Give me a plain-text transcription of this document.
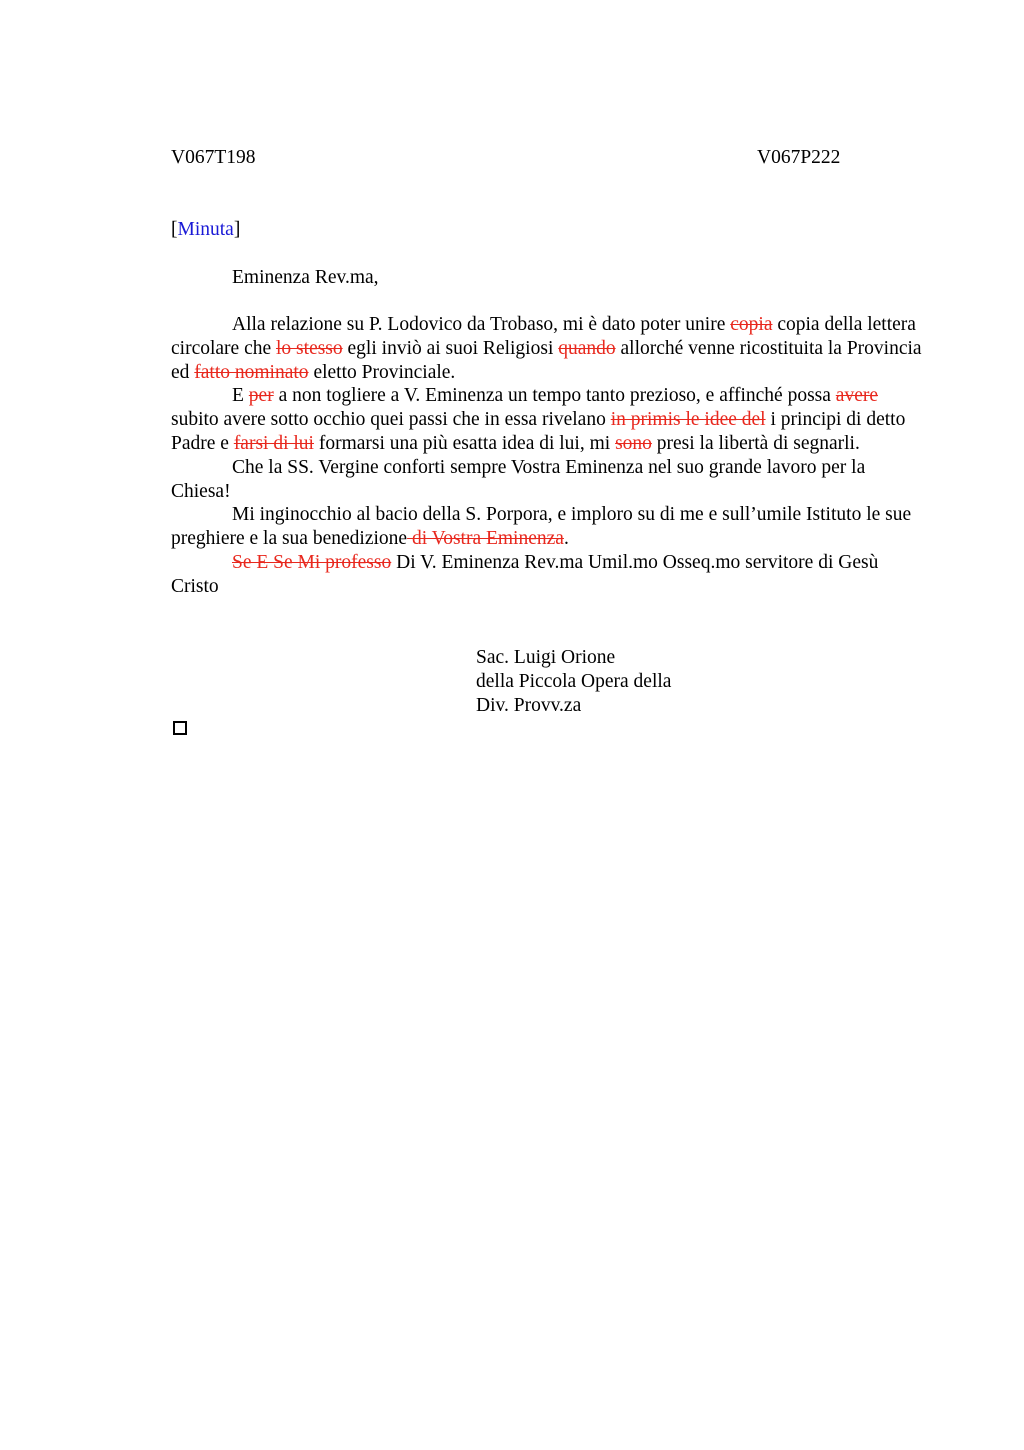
V067T198	V067P222
[Minuta]
Eminenza Rev.ma,

Alla relazione su P. Lodovico da Trobaso, mi è dato poter unire copia copia della lettera circolare che lo stesso egli inviò ai suoi Religiosi quando allorché venne ricostituita la Provincia ed fatto nominato eletto Provinciale.

E per a non togliere a V. Eminenza un tempo tanto prezioso, e affinché possa avere subito avere sotto occhio quei passi che in essa rivelano in primis le idee del i principi di detto Padre e farsi di lui formarsi una più esatta idea di lui, mi sono presi la libertà di segnarli.

Che la SS. Vergine conforti sempre Vostra Eminenza nel suo grande lavoro per la Chiesa!

Mi inginocchio al bacio della S. Porpora, e imploro su di me e sull’umile Istituto le sue preghiere e la sua benedizione di Vostra Eminenza.

Se E Se Mi professo Di V. Eminenza Rev.ma Umil.mo Osseq.mo servitore di Gesù Cristo

Sac. Luigi Orione
della Piccola Opera della
Div. Provv.za
